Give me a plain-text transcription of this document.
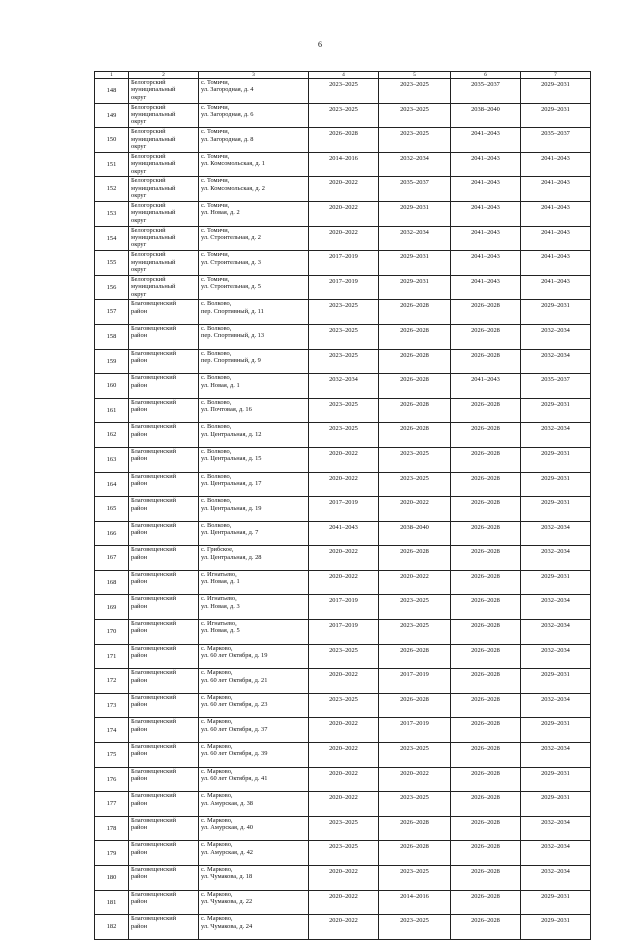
6
1	2	3	4	5	6	7
148	Белогорский
муниципальный
округ	с. Томичи,
ул. Загородная, д. 4	2023–2025	2023–2025	2035–2037	2029–2031
149	Белогорский
муниципальный
округ	с. Томичи,
ул. Загородная, д. 6	2023–2025	2023–2025	2038–2040	2029–2031
150	Белогорский
муниципальный
округ	с. Томичи,
ул. Загородная, д. 8	2026–2028	2023–2025	2041–2043	2035–2037
151	Белогорский
муниципальный
округ	с. Томичи,
ул. Комсомольская, д. 1	2014–2016	2032–2034	2041–2043	2041–2043
152	Белогорский
муниципальный
округ	с. Томичи,
ул. Комсомольская, д. 2	2020–2022	2035–2037	2041–2043	2041–2043
153	Белогорский
муниципальный
округ	с. Томичи,
ул. Новая, д. 2	2020–2022	2029–2031	2041–2043	2041–2043
154	Белогорский
муниципальный
округ	с. Томичи,
ул. Строительная, д. 2	2020–2022	2032–2034	2041–2043	2041–2043
155	Белогорский
муниципальный
округ	с. Томичи,
ул. Строительная, д. 3	2017–2019	2029–2031	2041–2043	2041–2043
156	Белогорский
муниципальный
округ	с. Томичи,
ул. Строительная, д. 5	2017–2019	2029–2031	2041–2043	2041–2043
157	Благовещенский
район	с. Волково,
пер. Спортивный, д. 11	2023–2025	2026–2028	2026–2028	2029–2031
158	Благовещенский
район	с. Волково,
пер. Спортивный, д. 13	2023–2025	2026–2028	2026–2028	2032–2034
159	Благовещенский
район	с. Волково,
пер. Спортивный, д. 9	2023–2025	2026–2028	2026–2028	2032–2034
160	Благовещенский
район	с. Волково,
ул. Новая, д. 1	2032–2034	2026–2028	2041–2043	2035–2037
161	Благовещенский
район	с. Волково,
ул. Почтовая, д. 16	2023–2025	2026–2028	2026–2028	2029–2031
162	Благовещенский
район	с. Волково,
ул. Центральная, д. 12	2023–2025	2026–2028	2026–2028	2032–2034
163	Благовещенский
район	с. Волково,
ул. Центральная, д. 15	2020–2022	2023–2025	2026–2028	2029–2031
164	Благовещенский
район	с. Волково,
ул. Центральная, д. 17	2020–2022	2023–2025	2026–2028	2029–2031
165	Благовещенский
район	с. Волково,
ул. Центральная, д. 19	2017–2019	2020–2022	2026–2028	2029–2031
166	Благовещенский
район	с. Волково,
ул. Центральная, д. 7	2041–2043	2038–2040	2026–2028	2032–2034
167	Благовещенский
район	с. Грибское,
ул. Центральная, д. 28	2020–2022	2026–2028	2026–2028	2032–2034
168	Благовещенский
район	с. Игнатьево,
ул. Новая, д. 1	2020–2022	2020–2022	2026–2028	2029–2031
169	Благовещенский
район	с. Игнатьево,
ул. Новая, д. 3	2017–2019	2023–2025	2026–2028	2032–2034
170	Благовещенский
район	с. Игнатьево,
ул. Новая, д. 5	2017–2019	2023–2025	2026–2028	2032–2034
171	Благовещенский
район	с. Марково,
ул. 60 лет Октября, д. 19	2023–2025	2026–2028	2026–2028	2032–2034
172	Благовещенский
район	с. Марково,
ул. 60 лет Октября, д. 21	2020–2022	2017–2019	2026–2028	2029–2031
173	Благовещенский
район	с. Марково,
ул. 60 лет Октября, д. 23	2023–2025	2026–2028	2026–2028	2032–2034
174	Благовещенский
район	с. Марково,
ул. 60 лет Октября, д. 37	2020–2022	2017–2019	2026–2028	2029–2031
175	Благовещенский
район	с. Марково,
ул. 60 лет Октября, д. 39	2020–2022	2023–2025	2026–2028	2032–2034
176	Благовещенский
район	с. Марково,
ул. 60 лет Октября, д. 41	2020–2022	2020–2022	2026–2028	2029–2031
177	Благовещенский
район	с. Марково,
ул. Амурская, д. 38	2020–2022	2023–2025	2026–2028	2029–2031
178	Благовещенский
район	с. Марково,
ул. Амурская, д. 40	2023–2025	2026–2028	2026–2028	2032–2034
179	Благовещенский
район	с. Марково,
ул. Амурская, д. 42	2023–2025	2026–2028	2026–2028	2032–2034
180	Благовещенский
район	с. Марково,
ул. Чумакова, д. 18	2020–2022	2023–2025	2026–2028	2032–2034
181	Благовещенский
район	с. Марково,
ул. Чумакова, д. 22	2020–2022	2014–2016	2026–2028	2029–2031
182	Благовещенский
район	с. Марково,
ул. Чумакова, д. 24	2020–2022	2023–2025	2026–2028	2029–2031
